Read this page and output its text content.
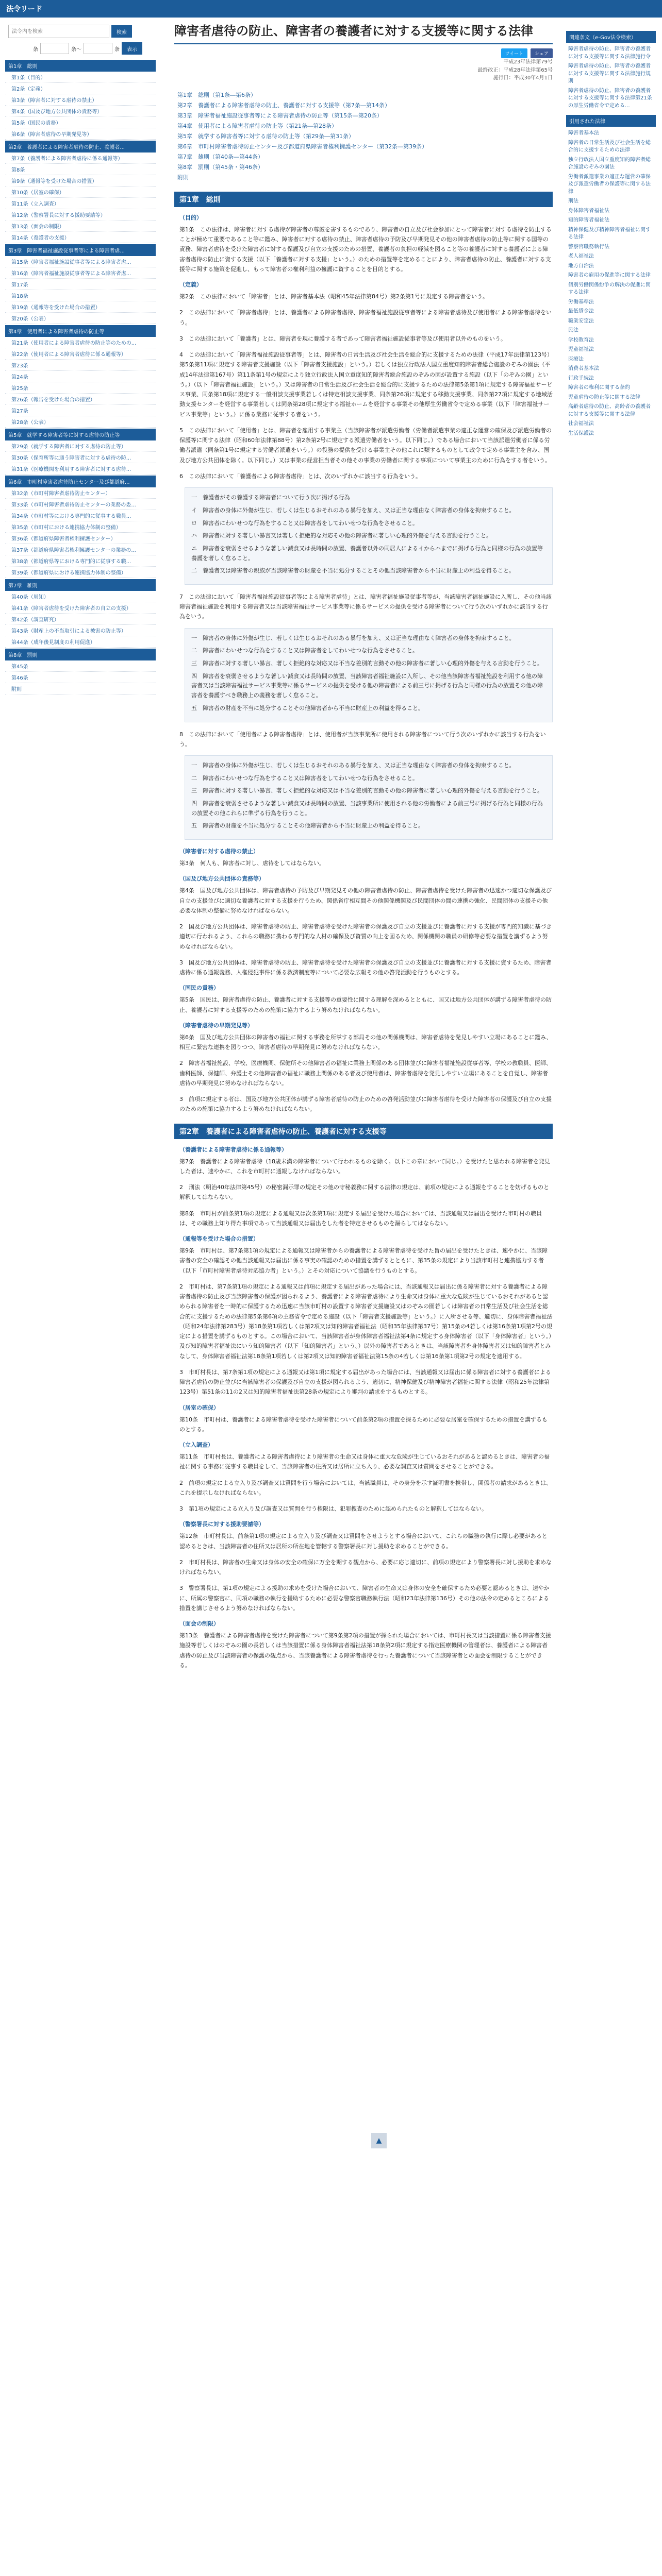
法令リード
法令内を検索
検索
条	条～	条	表示
第1章　総則
第1条（目的）
第2条（定義）
第3条（障害者に対する虐待の禁止）
第4条（国及び地方公共団体の責務等）
第5条（国民の責務）
第6条（障害者虐待の早期発見等）
第2章　養護者による障害者虐待の防止、養護者...
第7条（養護者による障害者虐待に係る通報等）
第8条
第9条（通報等を受けた場合の措置）
第10条（居室の確保）
第11条（立入調査）
第12条（警察署長に対する援助要請等）
第13条（面会の制限）
第14条（養護者の支援）
第3章　障害者福祉施設従事者等による障害者虐...
第15条（障害者福祉施設従事者等による障害者虐...
第16条（障害者福祉施設従事者等による障害者虐...
第17条
第18条
第19条（通報等を受けた場合の措置）
第20条（公表）
第4章　使用者による障害者虐待の防止等
第21条（使用者による障害者虐待の防止等のための...
第22条（使用者による障害者虐待に係る通報等）
第23条
第24条
第25条
第26条（報告を受けた場合の措置）
第27条
第28条（公表）
第5章　就学する障害者等に対する虐待の防止等
第29条（就学する障害者に対する虐待の防止等）
第30条（保育所等に通う障害者に対する虐待の防...
第31条（医療機関を利用する障害者に対する虐待...
第6章　市町村障害者虐待防止センター及び都道府...
第32条（市町村障害者虐待防止センター）
第33条（市町村障害者虐待防止センターの業務の委...
第34条（市町村等における専門的に従事する職員...
第35条（市町村における連携協力体制の整備）
第36条（都道府県障害者権利擁護センター）
第37条（都道府県障害者権利擁護センターの業務の...
第38条（都道府県等における専門的に従事する職...
第39条（都道府県における連携協力体制の整備）
第7章　雑則
第40条（周知）
第41条（障害者虐待を受けた障害者の自立の支援）
第42条（調査研究）
第43条（財産上の不当取引による被害の防止等）
第44条（成年後見制度の利用促進）
第8章　罰則
第45条
第46条
附則
障害者虐待の防止、障害者の養護者に対する支援等に関する法律
ツイート	シェア
平成23年法律第79号
最終改正：平成28年法律第65号
施行日：平成30年4月1日
第1章　総則（第1条―第6条）
第2章　養護者による障害者虐待の防止、養護者に対する支援等（第7条―第14条）
第3章　障害者福祉施設従事者等による障害者虐待の防止等（第15条―第20条）
第4章　使用者による障害者虐待の防止等（第21条―第28条）
第5章　就学する障害者等に対する虐待の防止等（第29条―第31条）
第6章　市町村障害者虐待防止センター及び都道府県障害者権利擁護センター（第32条―第39条）
第7章　雑則（第40条―第44条）
第8章　罰則（第45条・第46条）
附則
第1章　総則
（目的）

第1条　この法律は、障害者に対する虐待が障害者の尊厳を害するものであり、障害者の自立及び社会参加にとって障害者に対する虐待を防止することが極めて重要であること等に鑑み、障害者に対する虐待の禁止、障害者虐待の予防及び早期発見その他の障害者虐待の防止等に関する国等の責務、障害者虐待を受けた障害者に対する保護及び自立の支援のための措置、養護者の負担の軽減を図ること等の養護者に対する養護者による障害者虐待の防止に資する支援（以下「養護者に対する支援」という。）のための措置等を定めることにより、障害者虐待の防止、養護者に対する支援等に関する施策を促進し、もって障害者の権利利益の擁護に資することを目的とする。

（定義）

第2条　この法律において「障害者」とは、障害者基本法（昭和45年法律第84号）第2条第1号に規定する障害者をいう。

2　この法律において「障害者虐待」とは、養護者による障害者虐待、障害者福祉施設従事者等による障害者虐待及び使用者による障害者虐待をいう。

3　この法律において「養護者」とは、障害者を現に養護する者であって障害者福祉施設従事者等及び使用者以外のものをいう。

4　この法律において「障害者福祉施設従事者等」とは、障害者の日常生活及び社会生活を総合的に支援するための法律（平成17年法律第123号）第5条第11項に規定する障害者支援施設（以下「障害者支援施設」という。）若しくは独立行政法人国立重度知的障害者総合施設のぞみの園法（平成14年法律第167号）第11条第1号の規定により独立行政法人国立重度知的障害者総合施設のぞみの園が設置する施設（以下「のぞみの園」という。）（以下「障害者福祉施設」という。）又は障害者の日常生活及び社会生活を総合的に支援するための法律第5条第1項に規定する障害福祉サービス事業、同条第18項に規定する一般相談支援事業若しくは特定相談支援事業、同条第26項に規定する移動支援事業、同条第27項に規定する地域活動支援センターを経営する事業若しくは同条第28項に規定する福祉ホームを経営する事業その他厚生労働省令で定める事業（以下「障害福祉サービス事業等」という。）に係る業務に従事する者をいう。

5　この法律において「使用者」とは、障害者を雇用する事業主（当該障害者が派遣労働者（労働者派遣事業の適正な運営の確保及び派遣労働者の保護等に関する法律（昭和60年法律第88号）第2条第2号に規定する派遣労働者をいう。以下同じ。）である場合において当該派遣労働者に係る労働者派遣（同条第1号に規定する労働者派遣をいう。）の役務の提供を受ける事業主その他これに類するものとして政令で定める事業主を含み、国及び地方公共団体を除く。以下同じ。）又は事業の経営担当者その他その事業の労働者に関する事項について事業主のために行為をする者をいう。

6　この法律において「養護者による障害者虐待」とは、次のいずれかに該当する行為をいう。

一　養護者がその養護する障害者について行う次に掲げる行為

イ　障害者の身体に外傷が生じ、若しくは生じるおそれのある暴行を加え、又は正当な理由なく障害者の身体を拘束すること。

ロ　障害者にわいせつな行為をすること又は障害者をしてわいせつな行為をさせること。

ハ　障害者に対する著しい暴言又は著しく拒絶的な対応その他の障害者に著しい心理的外傷を与える言動を行うこと。

ニ　障害者を衰弱させるような著しい減食又は長時間の放置、養護者以外の同居人によるイからハまでに掲げる行為と同様の行為の放置等養護を著しく怠ること。

二　養護者又は障害者の親族が当該障害者の財産を不当に処分することその他当該障害者から不当に財産上の利益を得ること。

7　この法律において「障害者福祉施設従事者等による障害者虐待」とは、障害者福祉施設従事者等が、当該障害者福祉施設に入所し、その他当該障害者福祉施設を利用する障害者又は当該障害福祉サービス事業等に係るサービスの提供を受ける障害者について行う次のいずれかに該当する行為をいう。

一　障害者の身体に外傷が生じ、若しくは生じるおそれのある暴行を加え、又は正当な理由なく障害者の身体を拘束すること。

二　障害者にわいせつな行為をすること又は障害者をしてわいせつな行為をさせること。

三　障害者に対する著しい暴言、著しく拒絶的な対応又は不当な差別的言動その他の障害者に著しい心理的外傷を与える言動を行うこと。

四　障害者を衰弱させるような著しい減食又は長時間の放置、当該障害者福祉施設に入所し、その他当該障害者福祉施設を利用する他の障害者又は当該障害福祉サービス事業等に係るサービスの提供を受ける他の障害者による前三号に掲げる行為と同様の行為の放置その他の障害者を養護すべき職務上の義務を著しく怠ること。

五　障害者の財産を不当に処分することその他障害者から不当に財産上の利益を得ること。

8　この法律において「使用者による障害者虐待」とは、使用者が当該事業所に使用される障害者について行う次のいずれかに該当する行為をいう。

一　障害者の身体に外傷が生じ、若しくは生じるおそれのある暴行を加え、又は正当な理由なく障害者の身体を拘束すること。

二　障害者にわいせつな行為をすること又は障害者をしてわいせつな行為をさせること。

三　障害者に対する著しい暴言、著しく拒絶的な対応又は不当な差別的言動その他の障害者に著しい心理的外傷を与える言動を行うこと。

四　障害者を衰弱させるような著しい減食又は長時間の放置、当該事業所に使用される他の労働者による前三号に掲げる行為と同様の行為の放置その他これらに準ずる行為を行うこと。

五　障害者の財産を不当に処分することその他障害者から不当に財産上の利益を得ること。

（障害者に対する虐待の禁止）

第3条　何人も、障害者に対し、虐待をしてはならない。

（国及び地方公共団体の責務等）

第4条　国及び地方公共団体は、障害者虐待の予防及び早期発見その他の障害者虐待の防止、障害者虐待を受けた障害者の迅速かつ適切な保護及び自立の支援並びに適切な養護者に対する支援を行うため、関係省庁相互間その他関係機関及び民間団体の間の連携の強化、民間団体の支援その他必要な体制の整備に努めなければならない。

2　国及び地方公共団体は、障害者虐待の防止、障害者虐待を受けた障害者の保護及び自立の支援並びに養護者に対する支援が専門的知識に基づき適切に行われるよう、これらの職務に携わる専門的な人材の確保及び資質の向上を図るため、関係機関の職員の研修等必要な措置を講ずるよう努めなければならない。

3　国及び地方公共団体は、障害者虐待の防止、障害者虐待を受けた障害者の保護及び自立の支援並びに養護者に対する支援に資するため、障害者虐待に係る通報義務、人権侵犯事件に係る救済制度等について必要な広報その他の啓発活動を行うものとする。

（国民の責務）

第5条　国民は、障害者虐待の防止、養護者に対する支援等の重要性に関する理解を深めるとともに、国又は地方公共団体が講ずる障害者虐待の防止、養護者に対する支援等のための施策に協力するよう努めなければならない。

（障害者虐待の早期発見等）

第6条　国及び地方公共団体の障害者の福祉に関する事務を所掌する部局その他の関係機関は、障害者虐待を発見しやすい立場にあることに鑑み、相互に緊密な連携を図りつつ、障害者虐待の早期発見に努めなければならない。

2　障害者福祉施設、学校、医療機関、保健所その他障害者の福祉に業務上関係のある団体並びに障害者福祉施設従事者等、学校の教職員、医師、歯科医師、保健師、弁護士その他障害者の福祉に職務上関係のある者及び使用者は、障害者虐待を発見しやすい立場にあることを自覚し、障害者虐待の早期発見に努めなければならない。

3　前項に規定する者は、国及び地方公共団体が講ずる障害者虐待の防止のための啓発活動並びに障害者虐待を受けた障害者の保護及び自立の支援のための施策に協力するよう努めなければならない。

第2章　養護者による障害者虐待の防止、養護者に対する支援等
（養護者による障害者虐待に係る通報等）

第7条　養護者による障害者虐待（18歳未満の障害者について行われるものを除く。以下この章において同じ。）を受けたと思われる障害者を発見した者は、速やかに、これを市町村に通報しなければならない。

2　刑法（明治40年法律第45号）の秘密漏示罪の規定その他の守秘義務に関する法律の規定は、前項の規定による通報をすることを妨げるものと解釈してはならない。

第8条　市町村が前条第1項の規定による通報又は次条第1項に規定する届出を受けた場合においては、当該通報又は届出を受けた市町村の職員は、その職務上知り得た事項であって当該通報又は届出をした者を特定させるものを漏らしてはならない。

（通報等を受けた場合の措置）

第9条　市町村は、第7条第1項の規定による通報又は障害者からの養護者による障害者虐待を受けた旨の届出を受けたときは、速やかに、当該障害者の安全の確認その他当該通報又は届出に係る事実の確認のための措置を講ずるとともに、第35条の規定により当該市町村と連携協力する者（以下「市町村障害者虐待対応協力者」という。）とその対応について協議を行うものとする。

2　市町村は、第7条第1項の規定による通報又は前項に規定する届出があった場合には、当該通報又は届出に係る障害者に対する養護者による障害者虐待の防止及び当該障害者の保護が図られるよう、養護者による障害者虐待により生命又は身体に重大な危険が生じているおそれがあると認められる障害者を一時的に保護するため迅速に当該市町村の設置する障害者支援施設又はのぞみの園若しくは障害者の日常生活及び社会生活を総合的に支援するための法律第5条第6項の主務省令で定める施設（以下「障害者支援施設等」という。）に入所させる等、適切に、身体障害者福祉法（昭和24年法律第283号）第18条第1項若しくは第2項又は知的障害者福祉法（昭和35年法律第37号）第15条の4若しくは第16条第1項第2号の規定による措置を講ずるものとする。この場合において、当該障害者が身体障害者福祉法第4条に規定する身体障害者（以下「身体障害者」という。）及び知的障害者福祉法にいう知的障害者（以下「知的障害者」という。）以外の障害者であるときは、当該障害者を身体障害者又は知的障害者とみなして、身体障害者福祉法第18条第1項若しくは第2項又は知的障害者福祉法第15条の4若しくは第16条第1項第2号の規定を適用する。

3　市町村長は、第7条第1項の規定による通報又は第1項に規定する届出があった場合には、当該通報又は届出に係る障害者に対する養護者による障害者虐待の防止並びに当該障害者の保護及び自立の支援が図られるよう、適切に、精神保健及び精神障害者福祉に関する法律（昭和25年法律第123号）第51条の11の2又は知的障害者福祉法第28条の規定により審判の請求をするものとする。

（居室の確保）

第10条　市町村は、養護者による障害者虐待を受けた障害者について前条第2項の措置を採るために必要な居室を確保するための措置を講ずるものとする。

（立入調査）

第11条　市町村長は、養護者による障害者虐待により障害者の生命又は身体に重大な危険が生じているおそれがあると認めるときは、障害者の福祉に関する事務に従事する職員をして、当該障害者の住所又は居所に立ち入り、必要な調査又は質問をさせることができる。

2　前項の規定による立入り及び調査又は質問を行う場合においては、当該職員は、その身分を示す証明書を携帯し、関係者の請求があるときは、これを提示しなければならない。

3　第1項の規定による立入り及び調査又は質問を行う権限は、犯罪捜査のために認められたものと解釈してはならない。

（警察署長に対する援助要請等）

第12条　市町村長は、前条第1項の規定による立入り及び調査又は質問をさせようとする場合において、これらの職務の執行に際し必要があると認めるときは、当該障害者の住所又は居所の所在地を管轄する警察署長に対し援助を求めることができる。

2　市町村長は、障害者の生命又は身体の安全の確保に万全を期する観点から、必要に応じ適切に、前項の規定により警察署長に対し援助を求めなければならない。

3　警察署長は、第1項の規定による援助の求めを受けた場合において、障害者の生命又は身体の安全を確保するため必要と認めるときは、速やかに、所属の警察官に、同項の職務の執行を援助するために必要な警察官職務執行法（昭和23年法律第136号）その他の法令の定めるところによる措置を講じさせるよう努めなければならない。

（面会の制限）

第13条　養護者による障害者虐待を受けた障害者について第9条第2項の措置が採られた場合においては、市町村長又は当該措置に係る障害者支援施設等若しくはのぞみの園の長若しくは当該措置に係る身体障害者福祉法第18条第2項に規定する指定医療機関の管理者は、養護者による障害者虐待の防止及び当該障害者の保護の観点から、当該養護者による障害者虐待を行った養護者について当該障害者との面会を制限することができる。

関連条文（e-Gov法令検索）
障害者虐待の防止、障害者の養護者に対する支援等に関する法律施行令
障害者虐待の防止、障害者の養護者に対する支援等に関する法律施行規則
障害者虐待の防止、障害者の養護者に対する支援等に関する法律第21条の厚生労働省令で定める...
引用された法律
障害者基本法
障害者の日常生活及び社会生活を総合的に支援するための法律
独立行政法人国立重度知的障害者総合施設のぞみの園法
労働者派遣事業の適正な運営の確保及び派遣労働者の保護等に関する法律
刑法
身体障害者福祉法
知的障害者福祉法
精神保健及び精神障害者福祉に関する法律
警察官職務執行法
老人福祉法
地方自治法
障害者の雇用の促進等に関する法律
個別労働関係紛争の解決の促進に関する法律
労働基準法
最低賃金法
職業安定法
民法
学校教育法
児童福祉法
医療法
消費者基本法
行政手続法
障害者の権利に関する条約
児童虐待の防止等に関する法律
高齢者虐待の防止、高齢者の養護者に対する支援等に関する法律
社会福祉法
生活保護法
▲
